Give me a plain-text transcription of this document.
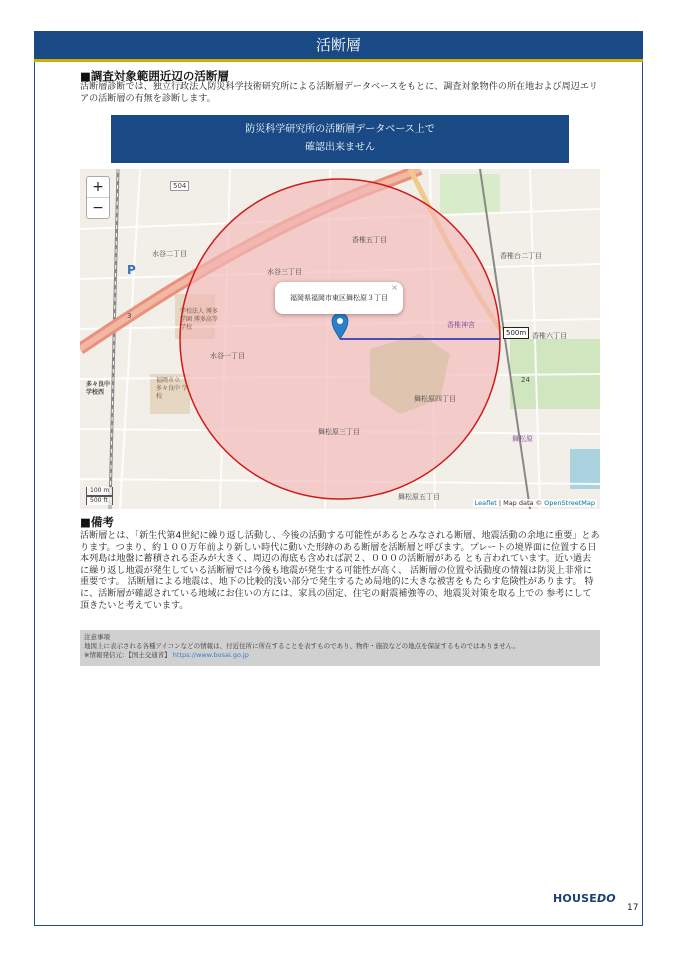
活断層
■調査対象範囲近辺の活断層
活断層診断では、独立行政法人防災科学技術研究所による活断層データベースをもとに、調査対象物件の所在地および周辺エリアの活断層の有無を診断します。
防災科学研究所の活断層データベース上で
確認出来ません
+
−
福岡県福岡市東区舞松原３丁目
×
500m
香椎五丁目
水谷二丁目
水谷三丁目
香椎台二丁目
香椎六丁目
水谷一丁目
舞松原四丁目
舞松原三丁目
舞松原五丁目
香椎神宮
学校法人 博多学園 博多高等 学校
福岡市立 多々良中 学校
多々良中 学校西
舞松原
504
24
3
P
100 m
500 ft	Leaflet | Map data © OpenStreetMap
■備考
活断層とは、「新生代第4世紀に繰り返し活動し、今後の活動する可能性があるとみなされる断層、地震活動の余地に重要」とあります。つまり、約１００万年前より新しい時代に動いた形跡のある断層を活断層と呼びます。プレートの境界面に位置する日本列島は地盤に蓄積される歪みが大きく、周辺の海底も含めれば訳２、０００の活断層がある とも言われています。近い過去に繰り返し地震が発生している活断層では今後も地震が発生する可能性が高く、 活断層の位置や活動度の情報は防災上非常に重要です。 活断層による地震は、地下の比較的浅い部分で発生するため局地的に大きな被害をもたらす危険性があります。 特に、活断層が確認されている地域にお住いの方には、家具の固定、住宅の耐震補強等の、地震災対策を取る上での 参考にして頂きたいと考えています。
注意事項
地図上に表示される各種アイコンなどの情報は、付近住所に所在することを表すものであり、物件・施設などの地点を保証するものではありません。
※情報発信元：【国土交通省】 https://www.bosai.go.jp
HOUSEDO
17
